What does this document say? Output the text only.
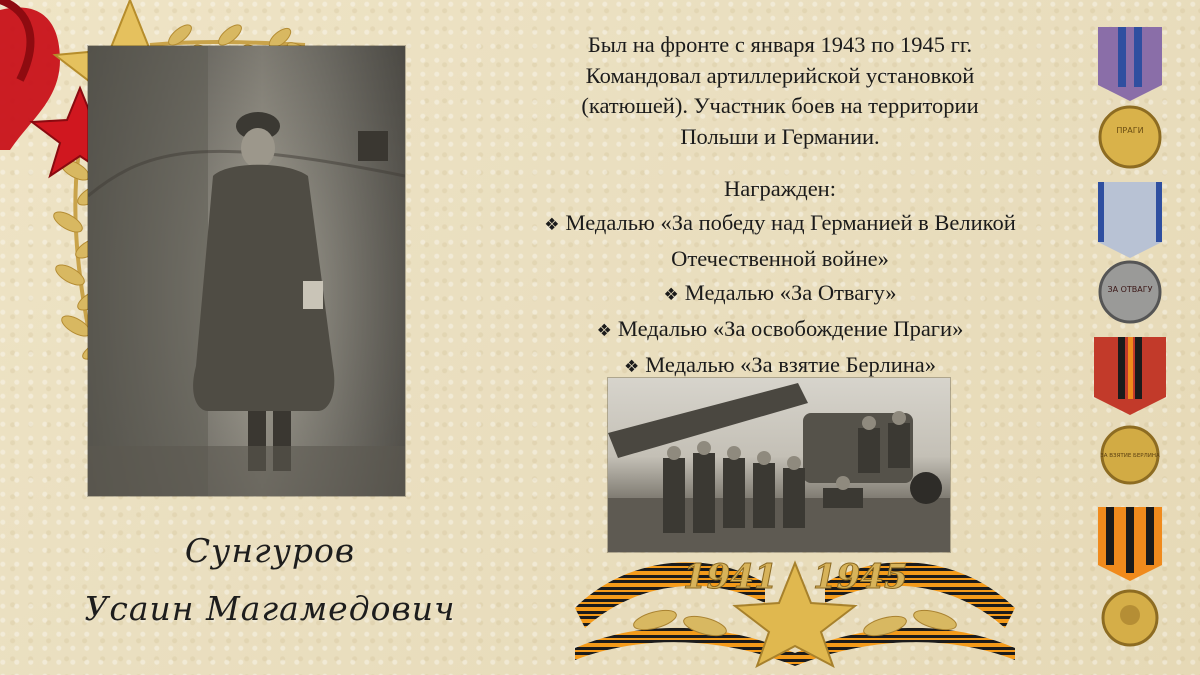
Был на фронте с января 1943 по 1945 гг.
Командовал артиллерийской установкой
(катюшей). Участник боев на территории
Польши и Германии.
Награжден:
❖ Медалью «За победу над Германией в Великой
Отечественной войне»
❖ Медалью «За Отвагу»
❖ Медалью «За освобождение Праги»
❖ Медалью «За взятие Берлина»
Сунгуров
Усаин Магамедович
1941 1945
ПРАГИ
ЗА ОТВАГУ
ЗА ВЗЯТИЕ БЕРЛИНА
